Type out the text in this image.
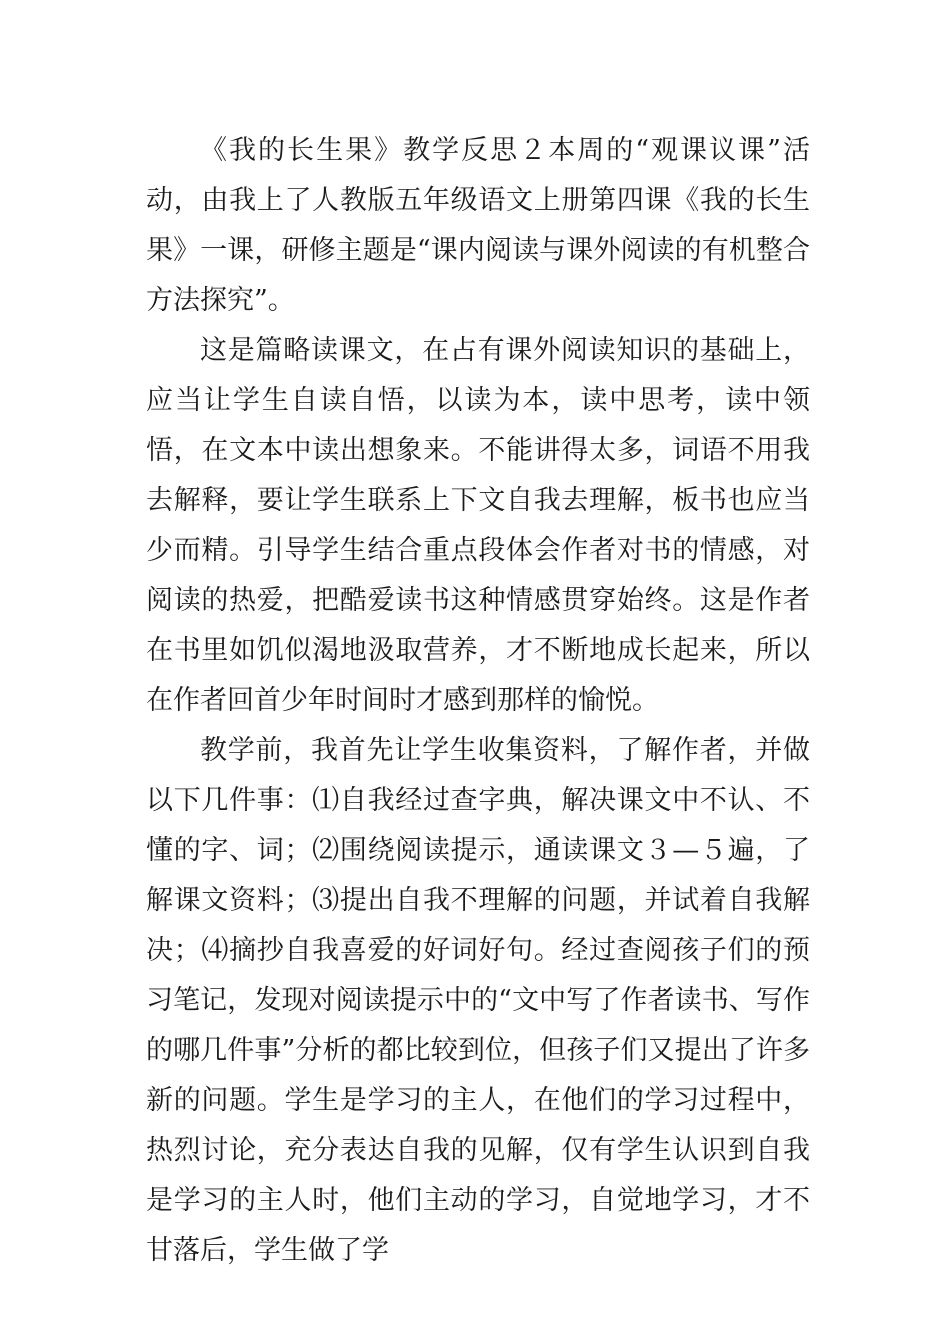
《我的长生果》教学反思２本周的“观课议课”活动，由我上了人教版五年级语文上册第四课《我的长生果》一课，研修主题是“课内阅读与课外阅读的有机整合方法探究”。

这是篇略读课文，在占有课外阅读知识的基础上，应当让学生自读自悟，以读为本，读中思考，读中领悟，在文本中读出想象来。不能讲得太多，词语不用我去解释，要让学生联系上下文自我去理解，板书也应当少而精。引导学生结合重点段体会作者对书的情感，对阅读的热爱，把酷爱读书这种情感贯穿始终。这是作者在书里如饥似渴地汲取营养，才不断地成长起来，所以在作者回首少年时间时才感到那样的愉悦。

教学前，我首先让学生收集资料，了解作者，并做以下几件事：⑴自我经过查字典，解决课文中不认、不懂的字、词；⑵围绕阅读提示，通读课文３—５遍，了解课文资料；⑶提出自我不理解的问题，并试着自我解决；⑷摘抄自我喜爱的好词好句。经过查阅孩子们的预习笔记，发现对阅读提示中的“文中写了作者读书、写作的哪几件事”分析的都比较到位，但孩子们又提出了许多新的问题。学生是学习的主人，在他们的学习过程中，热烈讨论，充分表达自我的见解，仅有学生认识到自我是学习的主人时，他们主动的学习，自觉地学习，才不甘落后，学生做了学
